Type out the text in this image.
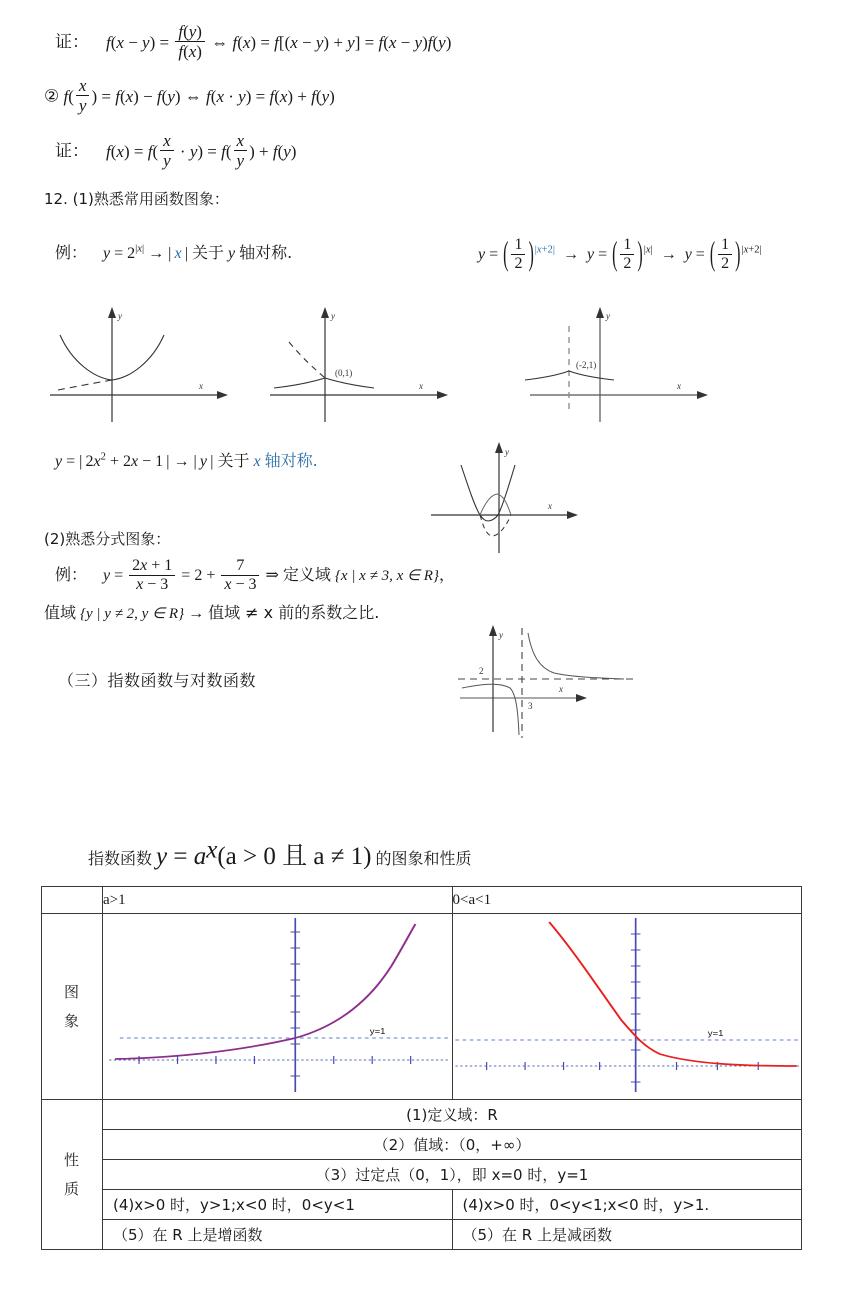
证： $f(x - y) = \frac{f(y)}{f(x)}$ ⇔ f(x) = f[(x − y) + y] = f(x − y)f(y)
② $f( \frac{x}{y}$ ) = f(x) − f(y) ⇔ f(x · y) = f(x) + f(y)
证： $f(x) = f( \frac{x}{y} \cdot y) = f( \frac{x}{y}$ ) + f(y)
12. (1)熟悉常用函数图象：
例： $y = 2^{|x|}$ → | x | 关于 y 轴对称.	y = ( $\frac{1}{2} )^{|x+2|} \to y$ = ( $\frac{1}{2} )^{|x|} \to y$ = ( $\frac{1}{2} )^{|x+2|}$
x
y
x
y
(0,1)
x
y
(-2,1)
y = | $2x^2 + 2x - 1$ | → | y | 关于 x 轴对称.
x
y
(2)熟悉分式图象：
例： $y = \frac{2x + 1}{x - 3} = 2 + \frac{7}{x - 3}$ ⇒ 定义域 {x | x ≠ 3, x ∈ R}，
值域 {y | y ≠ 2, y ∈ R} → 值域 ≠ x 前的系数之比.
x
y
2
3
（三）指数函数与对数函数
指数函数 y = ax(a > 0 且 a ≠ 1) 的图象和性质
	a>1	0<a<1

图
象	y=1	y=1

性
质	(1)定义域：R	
	（2）值域：（0，+∞）	
	（3）过定点（0，1），即 x=0 时，y=1	
	(4)x>0 时，y>1;x<0 时，0<y<1	(4)x>0 时，0<y<1;x<0 时，y>1.
	（5）在 R 上是增函数	（5）在 R 上是减函数
